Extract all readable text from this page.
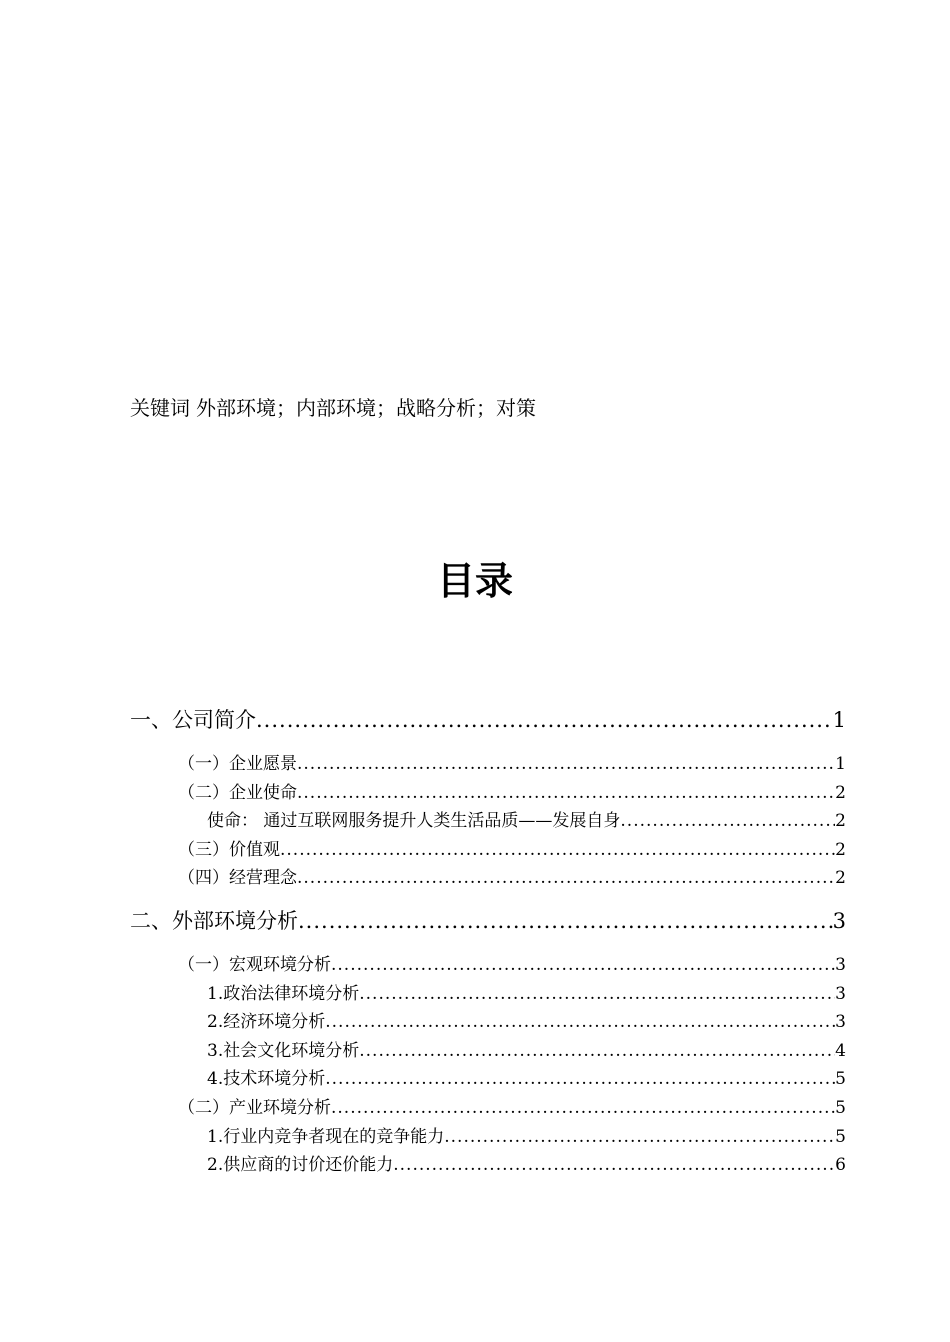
关键词 外部环境；内部环境；战略分析；对策
目录
一、公司简介 .....	1
（一）企业愿景 .....	1
（二）企业使命 .....	2
使命： 通过互联网服务提升人类生活品质——发展自身 .....	2
（三）价值观 .....	2
（四）经营理念 .....	2
二、外部环境分析 .....	3
（一）宏观环境分析 .....	3
1.政治法律环境分析 .....	3
2.经济环境分析 .....	3
3.社会文化环境分析 .....	4
4.技术环境分析 .....	5
（二）产业环境分析 .....	5
1.行业内竞争者现在的竞争能力 .....	5
2.供应商的讨价还价能力 .....	6
